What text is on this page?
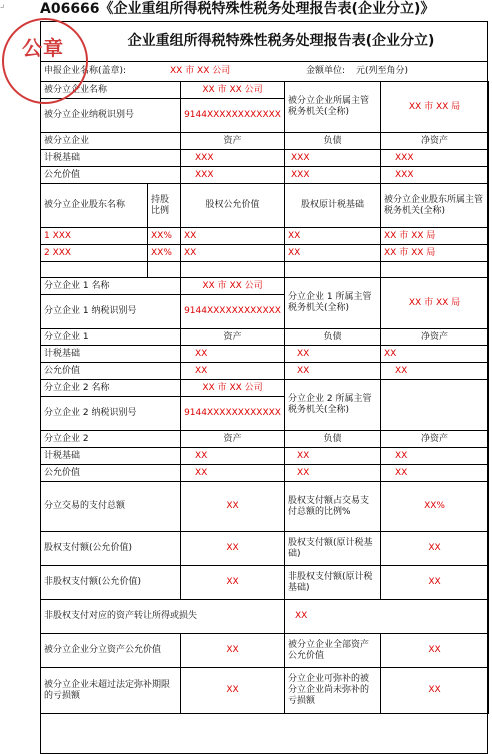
⌟	A06666《企业重组所得税特殊性税务处理报告表(企业分立)》
公章	企业重组所得税特殊性税务处理报告表(企业分立)
申报企业名称(盖章):	XX 市 XX 公司	金额单位: 元(列至角分)
被分立企业名称		XX 市 XX 公司	被分立企业所属主管税务机关(全称)	XX 市 XX 局
被分立企业纳税识别号		9144XXXXXXXXXXXX		
被分立企业		资产	负债	净资产
计税基础		XXX	XXX	XXX
公允价值		XXX	XXX	XXX
被分立企业股东名称	持股比例	股权公允价值	股权原计税基础	被分立企业股东所属主管税务机关(全称)
1 XXX	XX%	XX	XX	XX 市 XX 局
2 XXX	XX%	XX	XX	XX 市 XX 局

分立企业 1 名称		XX 市 XX 公司	分立企业 1 所属主管税务机关(全称)	XX 市 XX 局
分立企业 1 纳税识别号		9144XXXXXXXXXXXX		
分立企业 1		资产	负债	净资产
计税基础		XX	XX	XX
公允价值		XX	XX	XX
分立企业 2 名称		XX 市 XX 公司	分立企业 2 所属主管税务机关(全称)	
分立企业 2 纳税识别号		9144XXXXXXXXXXXX		
分立企业 2		资产	负债	净资产
计税基础		XX	XX	XX
公允价值		XX	XX	XX
分立交易的支付总额		XX	股权支付额占交易支付总额的比例%	XX%
股权支付额(公允价值)		XX	股权支付额(原计税基础)	XX
非股权支付额(公允价值)		XX	非股权支付额(原计税基础)	XX
非股权支付对应的资产转让所得或损失			XX	
被分立企业分立资产公允价值		XX	被分立企业全部资产公允价值	XX
被分立企业未超过法定弥补期限的亏损额		XX	分立企业可弥补的被分立企业尚未弥补的亏损额	XX
